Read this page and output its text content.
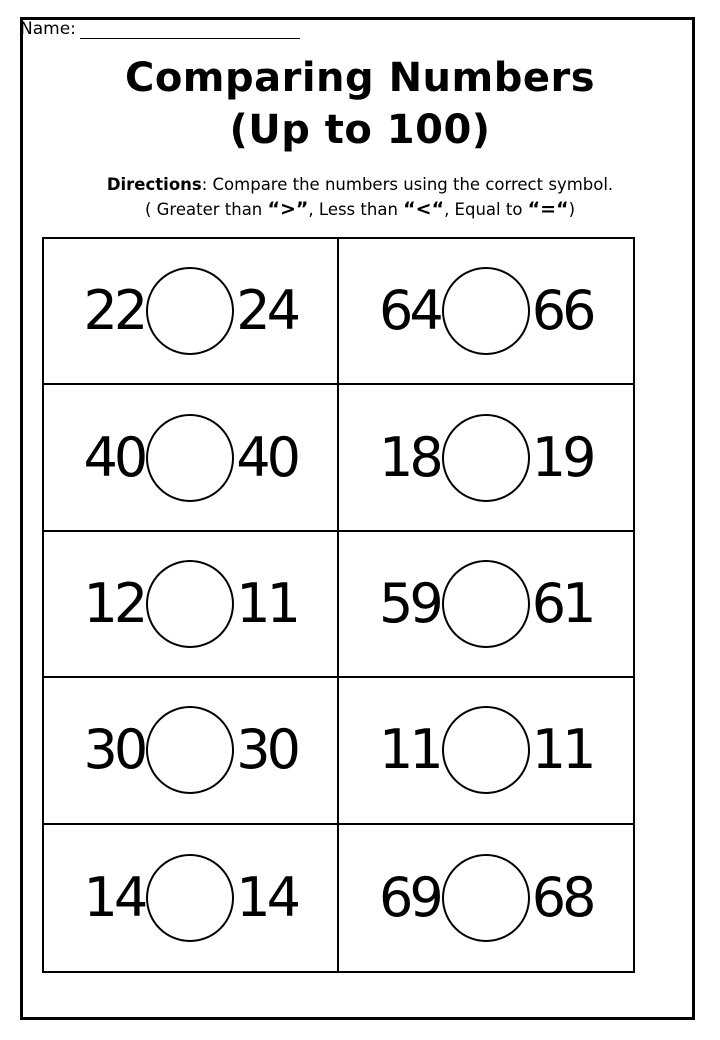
Name:
Comparing Numbers
(Up to 100)
Directions: Compare the numbers using the correct symbol.
( Greater than “>”, Less than “<“, Equal to “=“)
22 24 64 66
40 40 18 19
12 11 59 61
30 30 11 11
14 14 69 68
